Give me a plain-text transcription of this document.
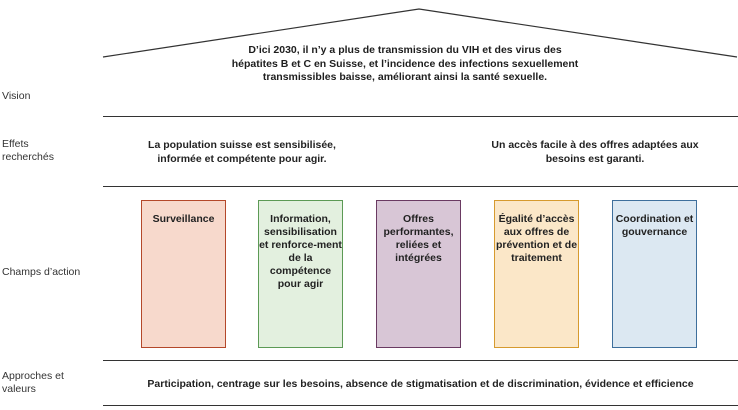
Vision
Effets recherchés
Champs d’action
Approches et valeurs
D’ici 2030, il n’y a plus de transmission du VIH et des virus des hépatites B et C en Suisse, et l’incidence des infections sexuellement transmissibles baisse, améliorant ainsi la santé sexuelle.
La population suisse est sensibilisée, informée et compétente pour agir.
Un accès facile à des offres adaptées aux besoins est garanti.
Surveillance	Information, sensibilisation et renforce-ment de la compétence pour agir
Offres performantes, reliées et intégrées
Égalité d’accès aux offres de prévention et de traitement
Coordination et gouvernance
Participation, centrage sur les besoins, absence de stigmatisation et de discrimination, évidence et efficience
